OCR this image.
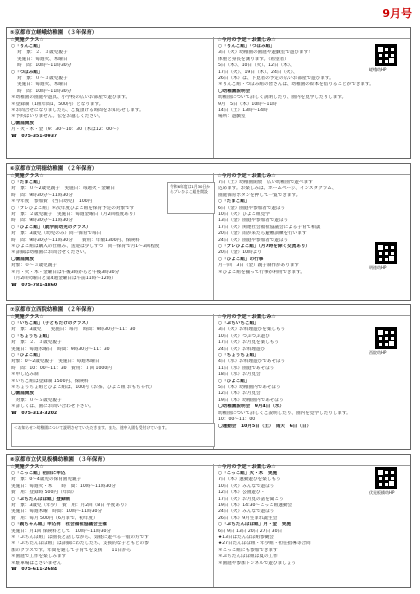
9月号
⑤京都市立嵯峨幼稚園 （３年保育）
☆実施クラス☆
○「りんご組」
対　象：２．３歳児親子
実施日：毎週火、木曜日
時　間：10時～11時30分
○「つぼみ組」
対　象：０～３歳児親子
実施日：毎週火、木曜日
時　間：10時～11時30分
＊幼稚園の園庭や遊具、小学校の広いお部屋で遊びます。
＊登録制（1組年間1，500円）となります。
＊お問合せになりましたら、ご覧頂ける時間をお知らせします。
＊予約はいりません。伝をお越しください。
〇園庭開放
月・火・木・金（9：30～10：30（木は12：00～）
☎　075-351-0937
☆今月の予定・お楽しみ☆
○「りんご組」「つぼみ組」
3日（火）幼稚園の園庭や遊戯室で遊びます！
体重と身長を測ります。（希望者）
5日（木）、10日（火）、12日（木）、
17日（火）、19日（木）、24日（火）、
26日（木）は、下見者の予定の広いお部屋で遊びます。
＊りんご組・つぼみ組の皆さんは、幼稚園の絵本を借りることができます。
〇幼稚園説明会
幼稚園について詳しく説明したり、園内を見学したりします。
9月　5日（木）10時～11時
14日（土）13時～14時
場所：遊戯室
嵯峨幼HP
⑥京都市立明徳幼稚園 （２年保育）
☆実施クラス☆
○「たまご組」
対　象：０～2歳児親子　実施日：毎週火・金曜日
時　間：9時30分～11時30分
＊今年度　参加費　(当日幼児)　100円
○「ブレひよこ組」＊次年度ひよこ組を保育予定の対象です
対　象：２歳児親子　実施日：毎週金曜日（月2回程度あり）
時　間：9時30分～11時30分
○「ひよこ組」（就学前幼児のクラス）
対　象：3歳児（幼児のみ）同一保育で毎日
時　間：9時30分～11時30分　　費用：年額1300円、保険料
＊ひよこ組は購入の仕組み、送迎は少しずつ　同一保育で月1～3回程度
＊詳細は幼稚園にお問合せください。
〇園庭開放
対象：０～３歳児親子
＊月・火・木・金曜日は午後3時からと午後3時30分
（月2回火曜日と第4週金曜日は午前11時～12時）
☎　075-781-4860
☆今月の予定・お楽しみ☆
7日（土）幼稚園開放　広い幼稚園で遊べます
込めます。お楽しみは、ホームページ、インスタグラム、
園庭保育ボタンを押して一覧できます。
○「たまご組」
6日（金）園庭や参加者で遊ぼう
10日（火）ひよこ組見学
13日（金）園庭や参加者で遊ぼう
17日（火）関連社会福祉協議会による子育て相談
20日（金）雨が来たら避難訓練を行います
24日（火）園庭や参加者で遊ぼう
○「ブレひよこ組」（月7時を除く交流あり）
20日（金）10時より
○「ひよこ組」の行事
月一回　3日（金）親子制作があります
＊ひよこ組を揃って行事が利用できます。
明徳幼HP
令和6年度は1月30日からブレひよこ組を開設
⑦京都市立西院幼稚園 （２年保育）
☆実施クラス☆
○「いちご組」（子どもだけのクラス）
対　象：3歳児　　実施日：毎月　時間：9時30分～11：30
○「ちょうちょ組」
対　象：２．３歳児親子
実施日：毎週水曜日　時間：9時30分～11：30
○「ひよこ組」
対象：0～2歳児親子　実施日：毎週木曜日
時　間：10：00～11：30　費用：１回 1000円
＊申し込み制
＊いちご組は登録制 1500円、保険料
＊ちょうちょ組とひよこ組は、100円（お茶、ひよこ組 おもちゃ代）
〇園庭開放
　対象：０～５歳児親子
＊詳しくは、園にお問い合わせ下さい。
☎　075-313-3202
☆今月の予定・お楽しみ☆
○「ぷちいちご組」
3日（火）お料理遊びを楽しもう
10日（火）つぶつぶ遊び
17日（火）お月見を楽しもう
24日（火）お料理遊び
○「ちょうちょ組」
4日（水）お料理遊びであそぼう
11日（水）園庭であそぼう
18日（水）お月見会
○「ひよこ組」
5日（木）幼稚園内であそぼう
12日（木）お月見会
19日（木）幼稚園内であそぼう
〇幼稚園説明会　9月4日（水）
幼稚園について詳しくご説明したり、園内を見学したりします。
10：00～11：00
〇運動会　10月5日（土）　雨天　6日（日）
西院幼HP
＜お知らせ＞幼稚園について説明させていただきます。また、途中入園も受付けています。
⑧京都市立伏見板橋幼稚園 （３年保育）
☆実施クラス☆
○「こっこ組」初回に申込
対　象：0～4歳児の保育園児親子
実施日：毎週火・木　　時　間：10時～11時30分
費　用：登録時 500円（年間）
○「ぷちたんぽぽ組」登録制
対　象：3歳児（年少）　費　用：月2回（8日 平度あり）
実施日：毎週木曜　時間：10時～11時30分
費　用：毎月 500円（6月まで、初年度）
○「親ちゃん組」申込有　社会福祉協議会主催
実施日：月1回 保険料として　10時～11時30分
＊「ぷちんぼ組」は園長と話しながら、気軽に遊べる一般の方です
＊「ぷちたんぽぽ組」は詳細にわたしたち、支援的な子どもとの参
加のクラスです。年間を通して子育てを支援　　11日から
＊園庭で工作を楽しみます
＊駐車場はございません
☎　075-611-2684
☆今月の予定・お楽しみ☆
○「こっこ組」火・木　実施
7日（木）運動遊びを楽しもう
10日（火）みんなで遊ぼう
12日（木）公園遊び・
17日（火）お月見の話を聞こう
19日（木）14:30～こっこ組運動会
24日（火）みんなで遊ぼう
26日（木）9月生まれ誕生会
○「ぷちたんぽぽ組」月・金　実施
6日 9日 13日 20日 27日 30日
★13日はたんぽぽ組参観会
★27日たんぽぽ組・年少組・担任指導等合同
＊こっこ組にも参加できます
＊ぷちたんぽぽ組は夏の工作
＊園庭や参加トンネルで遊びましょう
伏見板橋幼HP
